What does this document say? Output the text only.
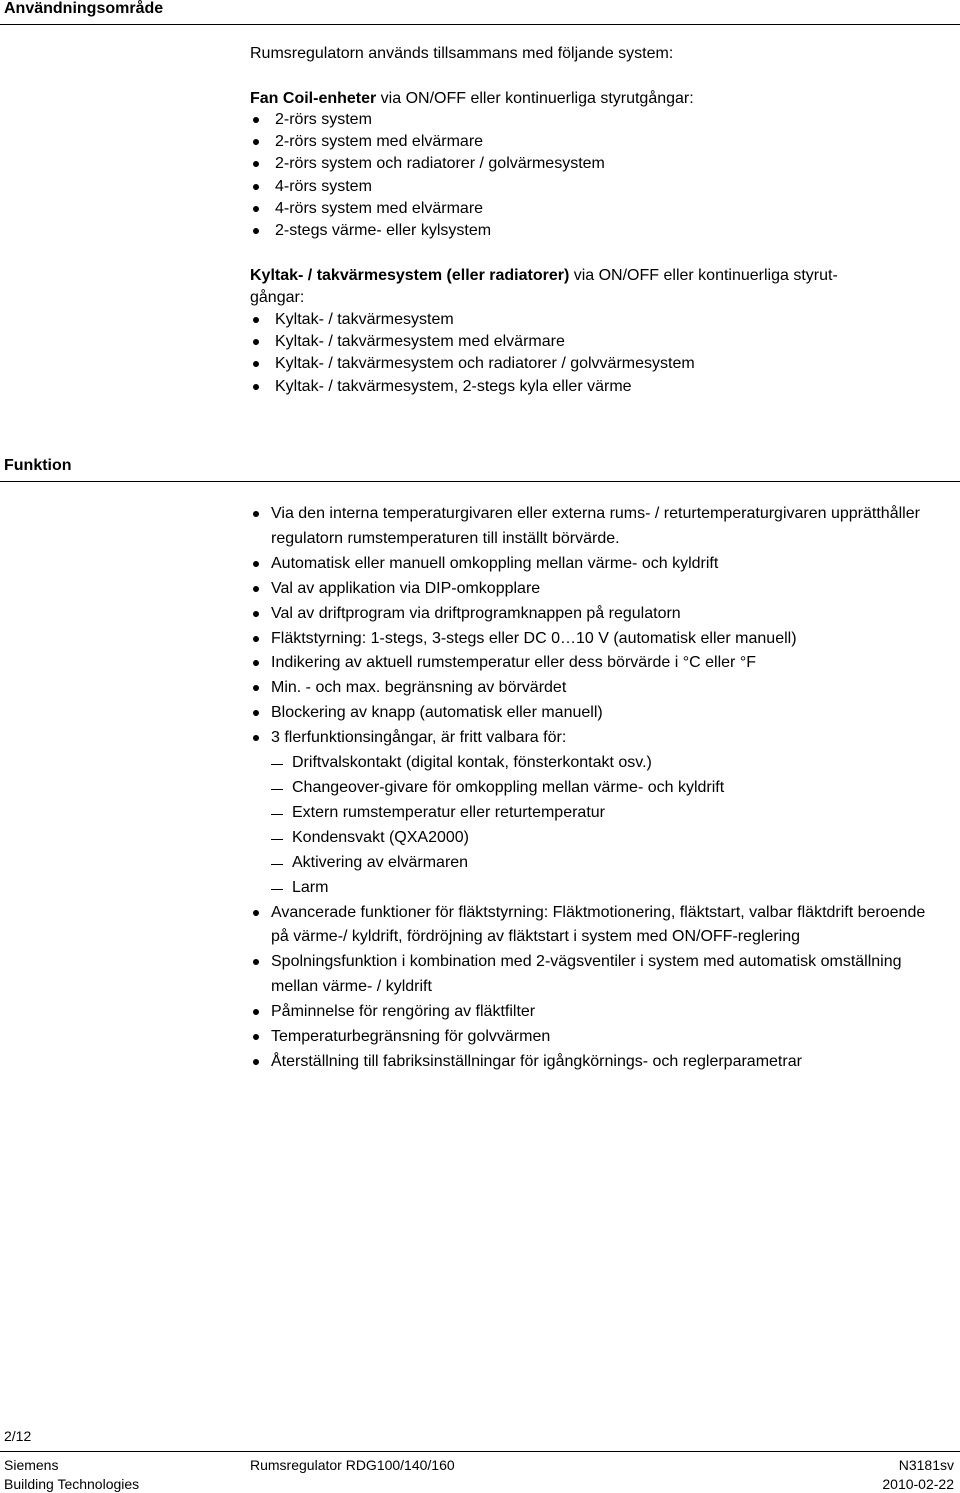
Användningsområde
Rumsregulatorn används tillsammans med följande system:
Fan Coil-enheter via ON/OFF eller kontinuerliga styrutgångar:
2-rörs system
2-rörs system med elvärmare
2-rörs system och radiatorer / golvärmesystem
4-rörs system
4-rörs system med elvärmare
2-stegs värme- eller kylsystem
Kyltak- / takvärmesystem (eller radiatorer) via ON/OFF eller kontinuerliga styrut-
gångar:
Kyltak- / takvärmesystem
Kyltak- / takvärmesystem med elvärmare
Kyltak- / takvärmesystem och radiatorer / golvvärmesystem
Kyltak- / takvärmesystem, 2-stegs kyla eller värme
Funktion
Via den interna temperaturgivaren eller externa rums- / returtemperaturgivaren upprätthåller regulatorn rumstemperaturen till inställt börvärde.
Automatisk eller manuell omkoppling mellan värme- och kyldrift
Val av applikation via DIP-omkopplare
Val av driftprogram via driftprogramknappen på regulatorn
Fläktstyrning: 1-stegs, 3-stegs eller DC 0…10 V (automatisk eller manuell)
Indikering av aktuell rumstemperatur eller dess börvärde i °C eller °F
Min. - och max. begränsning av börvärdet
Blockering av knapp (automatisk eller manuell)
3 flerfunktionsingångar, är fritt valbara för:
Driftvalskontakt (digital kontak, fönsterkontakt osv.)
Changeover-givare för omkoppling mellan värme- och kyldrift
Extern rumstemperatur eller returtemperatur
Kondensvakt (QXA2000)
Aktivering av elvärmaren
Larm
Avancerade funktioner för fläktstyrning: Fläktmotionering, fläktstart, valbar fläktdrift beroende på värme-/ kyldrift, fördröjning av fläktstart i system med ON/OFF-reglering
Spolningsfunktion i kombination med 2-vägsventiler i system med automatisk omställning mellan värme- / kyldrift
Påminnelse för rengöring av fläktfilter
Temperaturbegränsning för golvvärmen
Återställning till fabriksinställningar för igångkörnings- och reglerparametrar
2/12
Siemens
Building Technologies
Rumsregulator RDG100/140/160	N3181sv
2010-02-22
